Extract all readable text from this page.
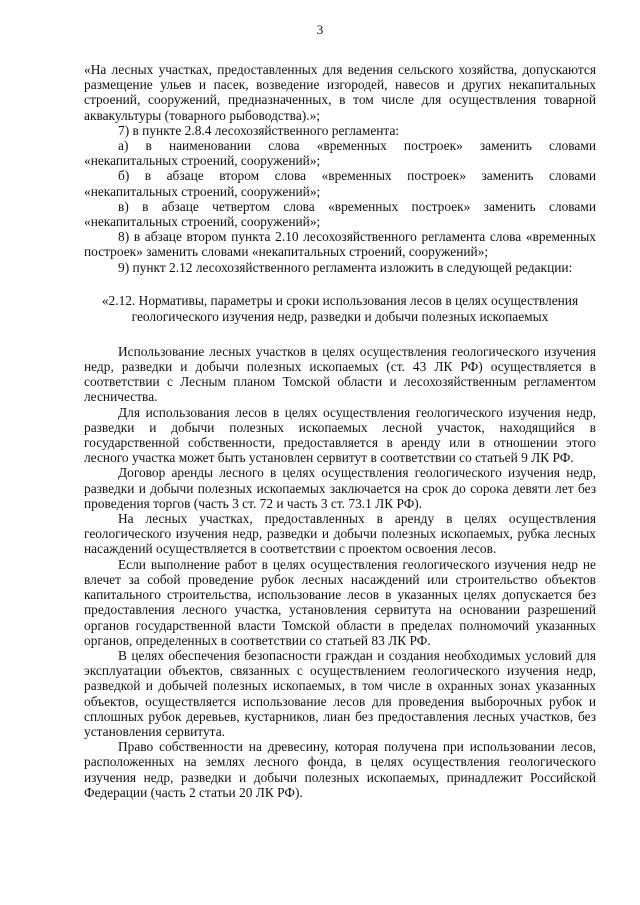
3

«На лесных участках, предоставленных для ведения сельского хозяйства, допускаются размещение ульев и пасек, возведение изгородей, навесов и других некапитальных строений, сооружений, предназначенных, в том числе для осуществления товарной аквакультуры (товарного рыбоводства).»;

7) в пункте 2.8.4 лесохозяйственного регламента:

а) в наименовании слова «временных построек» заменить словами «некапитальных строений, сооружений»;

б) в абзаце втором слова «временных построек» заменить словами «некапитальных строений, сооружений»;

в) в абзаце четвертом слова «временных построек» заменить словами «некапитальных строений, сооружений»;

8) в абзаце втором пункта 2.10 лесохозяйственного регламента слова «временных построек» заменить словами «некапитальных строений, сооружений»;

9) пункт 2.12 лесохозяйственного регламента изложить в следующей редакции:

«2.12. Нормативы, параметры и сроки использования лесов в целях осуществления геологического изучения недр, разведки и добычи полезных ископаемых

Использование лесных участков в целях осуществления геологического изучения недр, разведки и добычи полезных ископаемых (ст. 43 ЛК РФ) осуществляется в соответствии с Лесным планом Томской области и лесохозяйственным регламентом лесничества.

Для использования лесов в целях осуществления геологического изучения недр, разведки и добычи полезных ископаемых лесной участок, находящийся в государственной собственности, предоставляется в аренду или в отношении этого лесного участка может быть установлен сервитут в соответствии со статьей 9 ЛК РФ.

Договор аренды лесного в целях осуществления геологического изучения недр, разведки и добычи полезных ископаемых заключается на срок до сорока девяти лет без проведения торгов (часть 3 ст. 72 и часть 3 ст. 73.1 ЛК РФ).

На лесных участках, предоставленных в аренду в целях осуществления геологического изучения недр, разведки и добычи полезных ископаемых, рубка лесных насаждений осуществляется в соответствии с проектом освоения лесов.

Если выполнение работ в целях осуществления геологического изучения недр не влечет за собой проведение рубок лесных насаждений или строительство объектов капитального строительства, использование лесов в указанных целях допускается без предоставления лесного участка, установления сервитута на основании разрешений органов государственной власти Томской области в пределах полномочий указанных органов, определенных в соответствии со статьей 83 ЛК РФ.

В целях обеспечения безопасности граждан и создания необходимых условий для эксплуатации объектов, связанных с осуществлением геологического изучения недр, разведкой и добычей полезных ископаемых, в том числе в охранных зонах указанных объектов, осуществляется использование лесов для проведения выборочных рубок и сплошных рубок деревьев, кустарников, лиан без предоставления лесных участков, без установления сервитута.

Право собственности на древесину, которая получена при использовании лесов, расположенных на землях лесного фонда, в целях осуществления геологического изучения недр, разведки и добычи полезных ископаемых, принадлежит Российской Федерации (часть 2 статьи 20 ЛК РФ).
